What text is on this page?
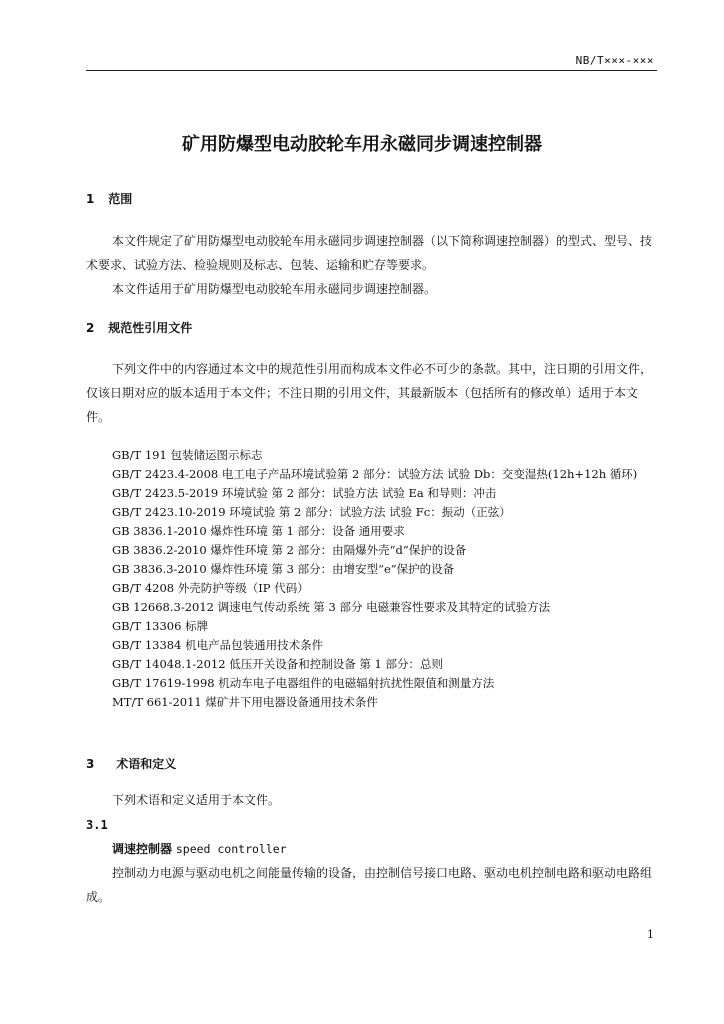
NB/T×××-×××
矿用防爆型电动胶轮车用永磁同步调速控制器
1 范围
本文件规定了矿用防爆型电动胶轮车用永磁同步调速控制器（以下简称调速控制器）的型式、型号、技术要求、试验方法、检验规则及标志、包装、运输和贮存等要求。
本文件适用于矿用防爆型电动胶轮车用永磁同步调速控制器。
2 规范性引用文件
下列文件中的内容通过本文中的规范性引用而构成本文件必不可少的条款。其中，注日期的引用文件，仅该日期对应的版本适用于本文件；不注日期的引用文件，其最新版本（包括所有的修改单）适用于本文件。
GB/T 191 包装储运图示标志
GB/T 2423.4-2008 电工电子产品环境试验第 2 部分：试验方法 试验 Db：交变湿热(12h+12h 循环)
GB/T 2423.5-2019 环境试验 第 2 部分：试验方法 试验 Ea 和导则：冲击
GB/T 2423.10-2019 环境试验 第 2 部分：试验方法 试验 Fc：振动（正弦）
GB 3836.1-2010 爆炸性环境 第 1 部分：设备 通用要求
GB 3836.2-2010 爆炸性环境 第 2 部分：由隔爆外壳“d”保护的设备
GB 3836.3-2010 爆炸性环境 第 3 部分：由增安型“e”保护的设备
GB/T 4208 外壳防护等级（IP 代码）
GB 12668.3-2012 调速电气传动系统 第 3 部分 电磁兼容性要求及其特定的试验方法
GB/T 13306 标牌
GB/T 13384 机电产品包装通用技术条件
GB/T 14048.1-2012 低压开关设备和控制设备 第 1 部分：总则
GB/T 17619-1998 机动车电子电器组件的电磁辐射抗扰性限值和测量方法
MT/T 661-2011 煤矿井下用电器设备通用技术条件
3 术语和定义
下列术语和定义适用于本文件。
3.1
调速控制器 speed controller
控制动力电源与驱动电机之间能量传输的设备，由控制信号接口电路、驱动电机控制电路和驱动电路组成。
1
